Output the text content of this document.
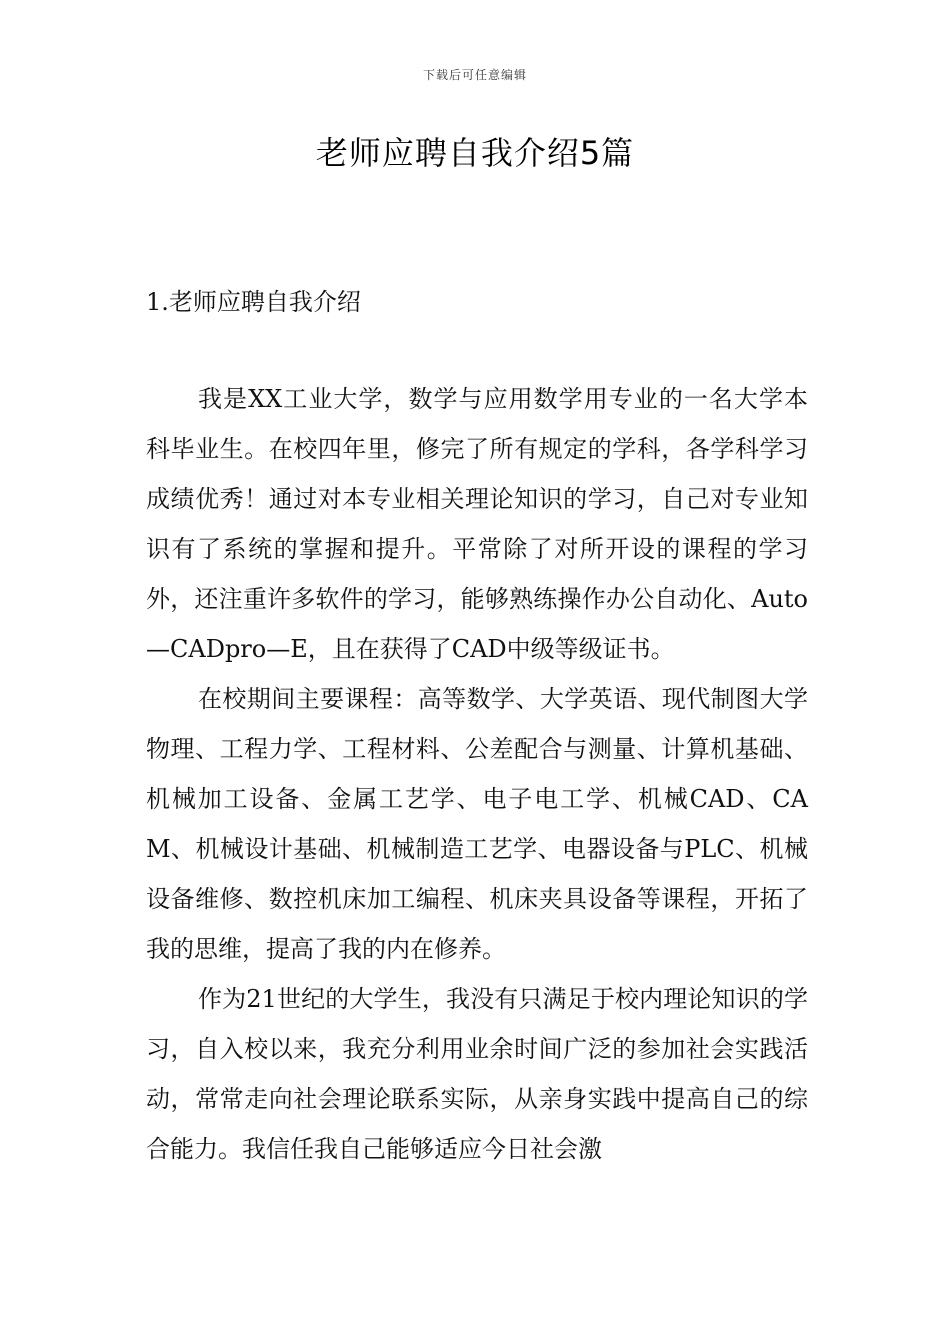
下载后可任意编辑
老师应聘自我介绍5篇
1.老师应聘自我介绍

我是XX工业大学，数学与应用数学用专业的一名大学本科毕业生。在校四年里，修完了所有规定的学科，各学科学习成绩优秀！通过对本专业相关理论知识的学习，自己对专业知识有了系统的掌握和提升。平常除了对所开设的课程的学习外，还注重许多软件的学习，能够熟练操作办公自动化、Auto—CADpro—E，且在获得了CAD中级等级证书。

在校期间主要课程：高等数学、大学英语、现代制图大学物理、工程力学、工程材料、公差配合与测量、计算机基础、机械加工设备、金属工艺学、电子电工学、机械CAD、CAM、机械设计基础、机械制造工艺学、电器设备与PLC、机械设备维修、数控机床加工编程、机床夹具设备等课程，开拓了我的思维，提高了我的内在修养。

作为21世纪的大学生，我没有只满足于校内理论知识的学习，自入校以来，我充分利用业余时间广泛的参加社会实践活动，常常走向社会理论联系实际，从亲身实践中提高自己的综合能力。我信任我自己能够适应今日社会激
